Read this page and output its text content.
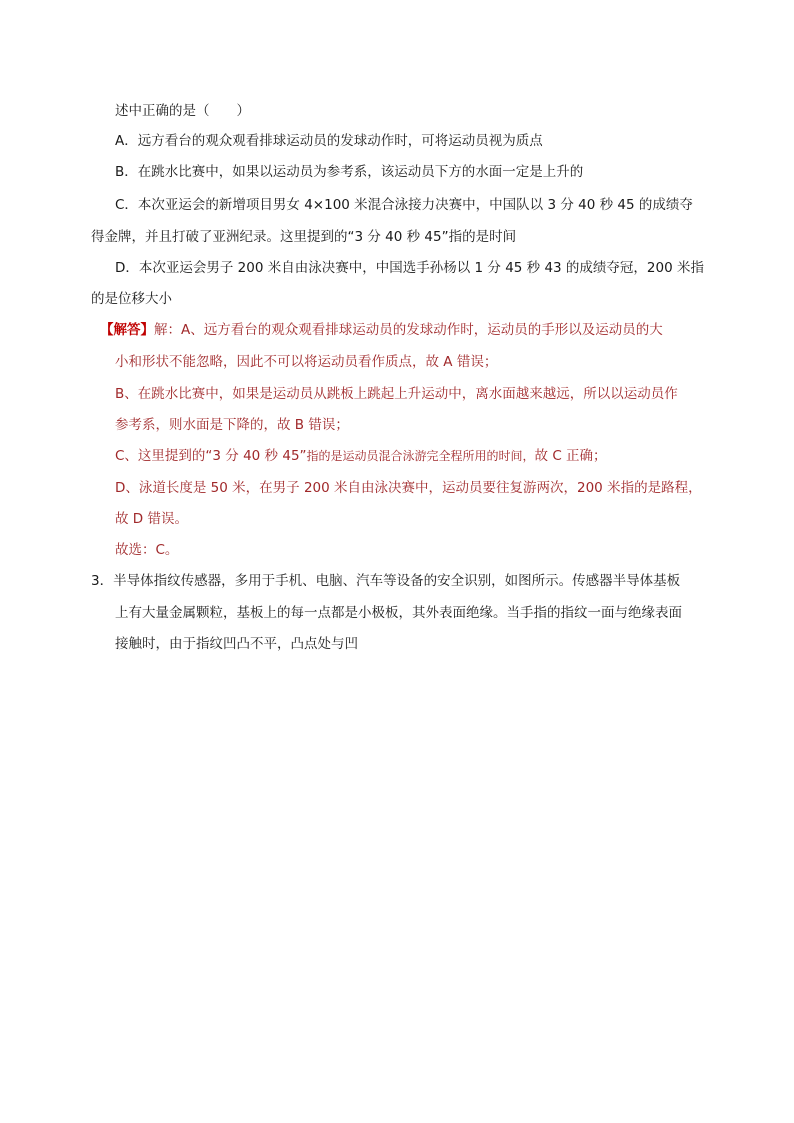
述中正确的是（　　）
A．远方看台的观众观看排球运动员的发球动作时，可将运动员视为质点
B．在跳水比赛中，如果以运动员为参考系，该运动员下方的水面一定是上升的
C．本次亚运会的新增项目男女 4×100 米混合泳接力决赛中，中国队以 3 分 40 秒 45 的成绩夺
得金牌，并且打破了亚洲纪录。这里提到的“3 分 40 秒 45”指的是时间
D．本次亚运会男子 200 米自由泳决赛中，中国选手孙杨以 1 分 45 秒 43 的成绩夺冠，200 米指
的是位移大小
【解答】解：A、远方看台的观众观看排球运动员的发球动作时，运动员的手形以及运动员的大
小和形状不能忽略，因此不可以将运动员看作质点，故 A 错误；
B、在跳水比赛中，如果是运动员从跳板上跳起上升运动中，离水面越来越远，所以以运动员作
参考系，则水面是下降的，故 B 错误；
C、这里提到的“3 分 40 秒 45”指的是运动员混合泳游完全程所用的时间，故 C 正确；
D、泳道长度是 50 米，在男子 200 米自由泳决赛中，运动员要往复游两次，200 米指的是路程，
故 D 错误。
故选：C。
3．半导体指纹传感器，多用于手机、电脑、汽车等设备的安全识别，如图所示。传感器半导体基板
上有大量金属颗粒，基板上的每一点都是小极板，其外表面绝缘。当手指的指纹一面与绝缘表面
接触时，由于指纹凹凸不平，凸点处与凹
